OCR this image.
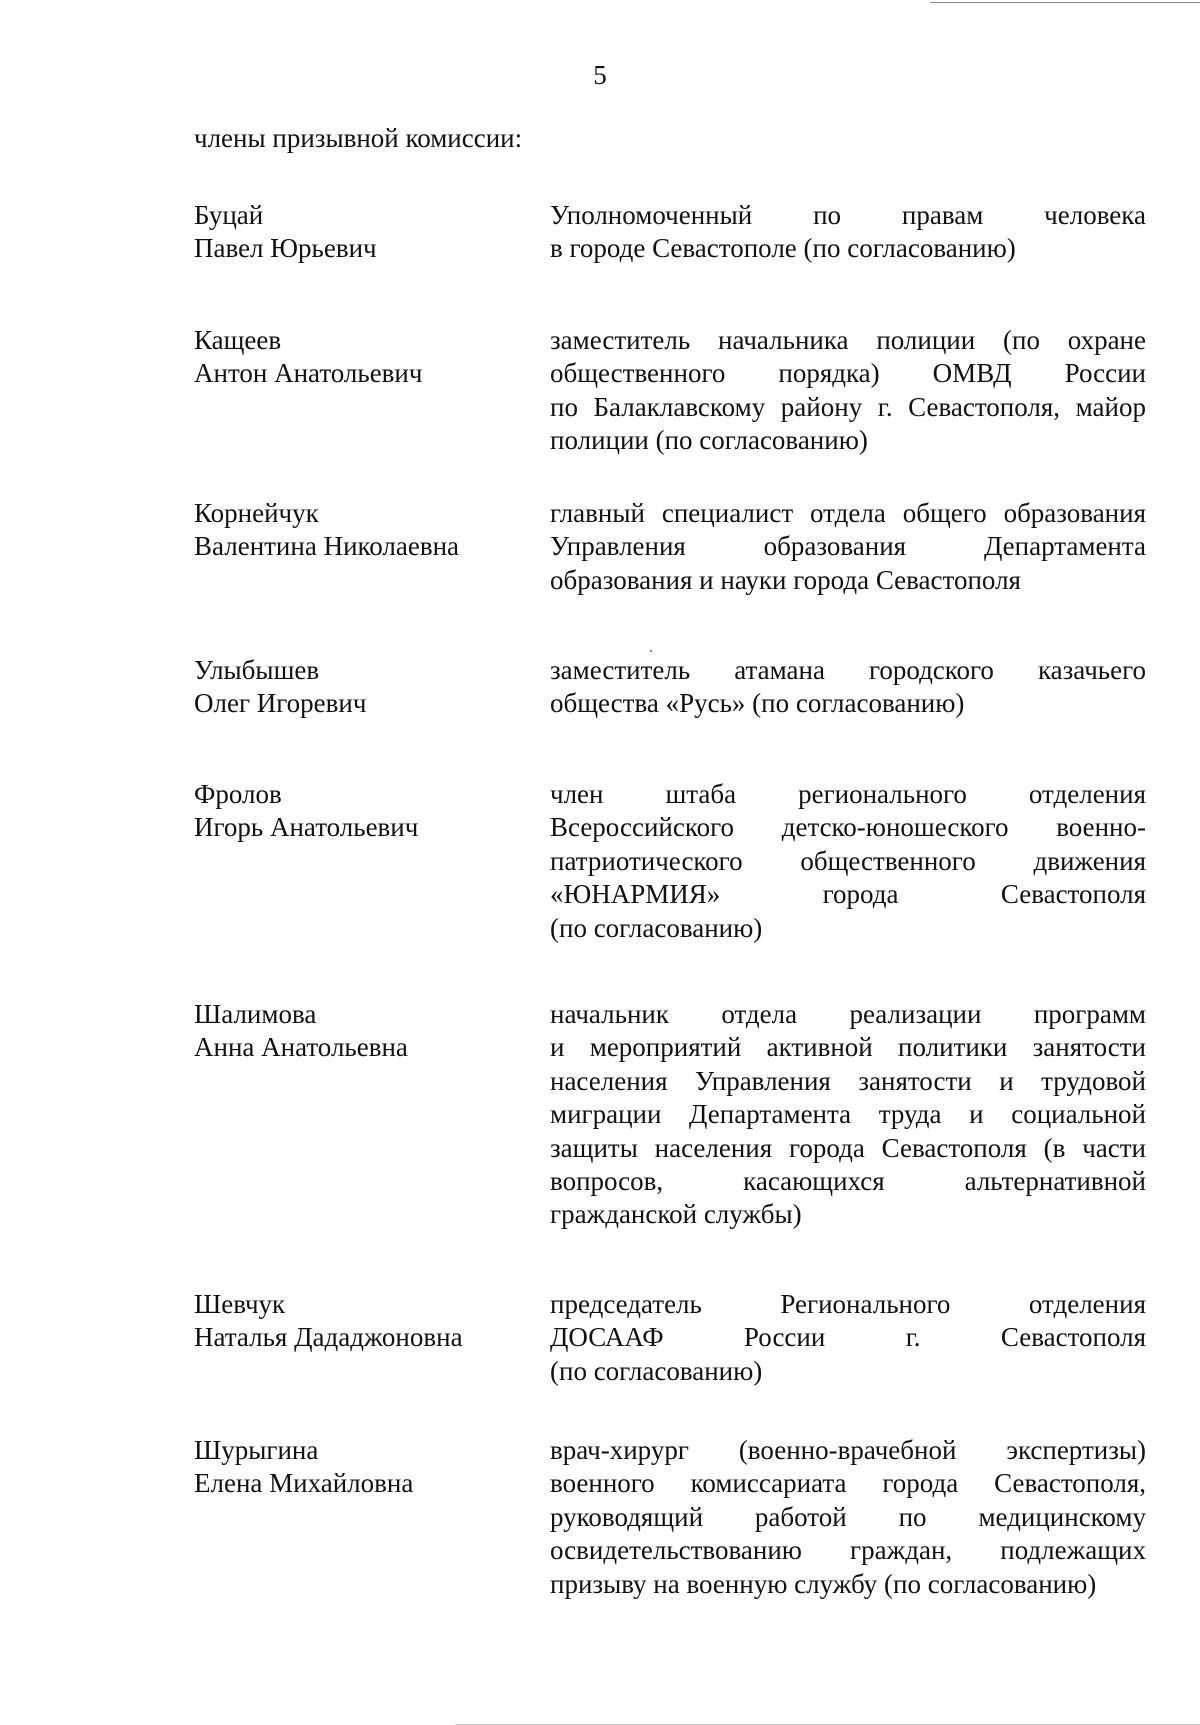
5
члены призывной комиссии:
Буцай
Павел Юрьевич
Уполномоченный по правам человека
в городе Севастополе (по согласованию)
Кащеев
Антон Анатольевич
заместитель начальника полиции (по охране
общественного порядка) ОМВД России
по Балаклавскому району г. Севастополя, майор
полиции (по согласованию)
Корнейчук
Валентина Николаевна
главный специалист отдела общего образования
Управления образования Департамента
образования и науки города Севастополя
Улыбышев
Олег Игоревич
заместитель атамана городского казачьего
общества «Русь» (по согласованию)
Фролов
Игорь Анатольевич
член штаба регионального отделения
Всероссийского детско-юношеского военно-
патриотического общественного движения
«ЮНАРМИЯ» города Севастополя
(по согласованию)
Шалимова
Анна Анатольевна
начальник отдела реализации программ
и мероприятий активной политики занятости
населения Управления занятости и трудовой
миграции Департамента труда и социальной
защиты населения города Севастополя (в части
вопросов, касающихся альтернативной
гражданской службы)
Шевчук
Наталья Дададжоновна
председатель Регионального отделения
ДОСААФ России г. Севастополя
(по согласованию)
Шурыгина
Елена Михайловна
врач-хирург (военно-врачебной экспертизы)
военного комиссариата города Севастополя,
руководящий работой по медицинскому
освидетельствованию граждан, подлежащих
призыву на военную службу (по согласованию)
